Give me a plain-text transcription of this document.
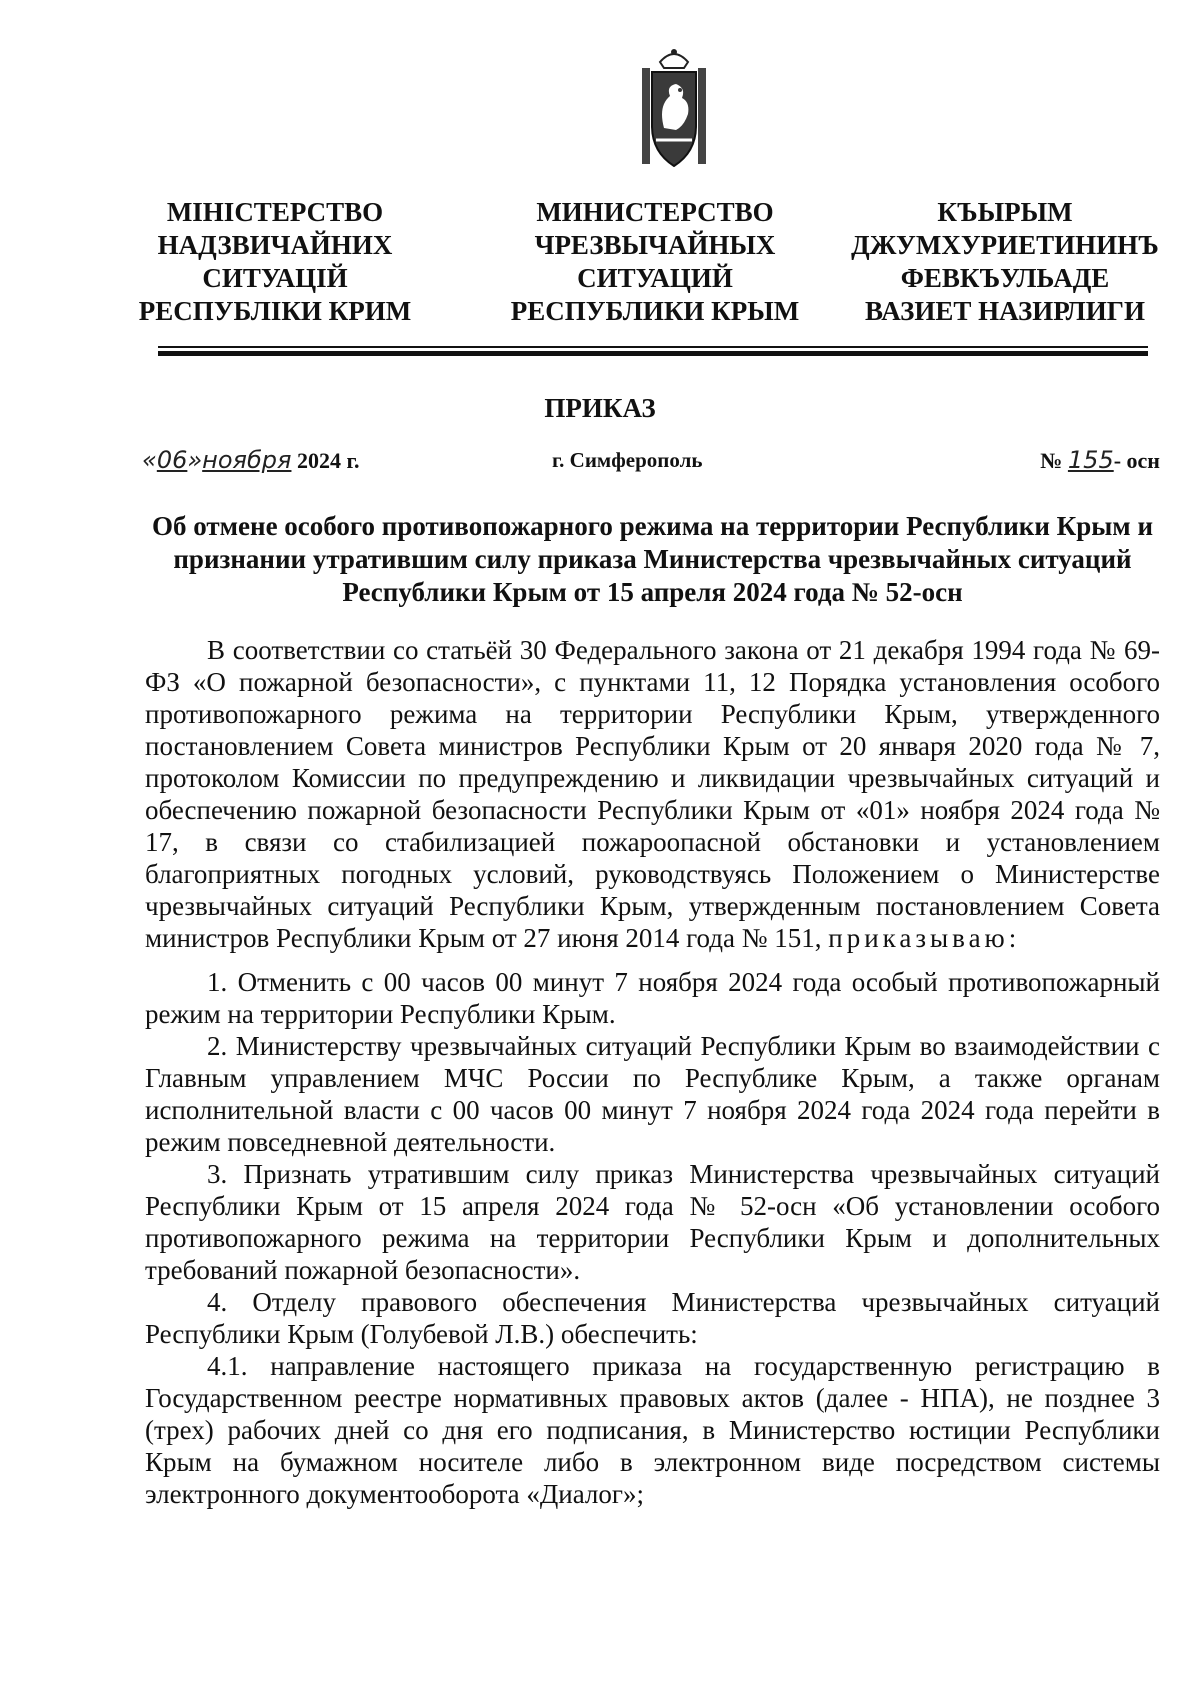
МІНІСТЕРСТВО
НАДЗВИЧАЙНИХ
СИТУАЦІЙ
РЕСПУБЛІКИ КРИМ
МИНИСТЕРСТВО
ЧРЕЗВЫЧАЙНЫХ
СИТУАЦИЙ
РЕСПУБЛИКИ КРЫМ
КЪЫРЫМ
ДЖУМХУРИЕТИНИНЪ
ФЕВКЪУЛЬАДЕ
ВАЗИЕТ НАЗИРЛИГИ
ПРИКАЗ
«06»ноября 2024 г.	г. Симферополь	№ 155- осн
Об отмене особого противопожарного режима на территории Республики Крым и признании утратившим силу приказа Министерства чрезвычайных ситуаций Республики Крым от 15 апреля 2024 года № 52-осн

В соответствии со статьёй 30 Федерального закона от 21 декабря 1994 года № 69-ФЗ «О пожарной безопасности», с пунктами 11, 12 Порядка установления особого противопожарного режима на территории Республики Крым, утвержденного постановлением Совета министров Республики Крым от 20 января 2020 года № 7, протоколом Комиссии по предупреждению и ликвидации чрезвычайных ситуаций и обеспечению пожарной безопасности Республики Крым от «01» ноября 2024 года № 17, в связи со стабилизацией пожароопасной обстановки и установлением благоприятных погодных условий, руководствуясь Положением о Министерстве чрезвычайных ситуаций Республики Крым, утвержденным постановлением Совета министров Республики Крым от 27 июня 2014 года № 151, приказываю:

1. Отменить с 00 часов 00 минут 7 ноября 2024 года особый противопожарный режим на территории Республики Крым.

2. Министерству чрезвычайных ситуаций Республики Крым во взаимодействии с Главным управлением МЧС России по Республике Крым, а также органам исполнительной власти с 00 часов 00 минут 7 ноября 2024 года 2024 года перейти в режим повседневной деятельности.

3. Признать утратившим силу приказ Министерства чрезвычайных ситуаций Республики Крым от 15 апреля 2024 года № 52-осн «Об установлении особого противопожарного режима на территории Республики Крым и дополнительных требований пожарной безопасности».

4. Отделу правового обеспечения Министерства чрезвычайных ситуаций Республики Крым (Голубевой Л.В.) обеспечить:

4.1. направление настоящего приказа на государственную регистрацию в Государственном реестре нормативных правовых актов (далее - НПА), не позднее 3 (трех) рабочих дней со дня его подписания, в Министерство юстиции Республики Крым на бумажном носителе либо в электронном виде посредством системы электронного документооборота «Диалог»;
